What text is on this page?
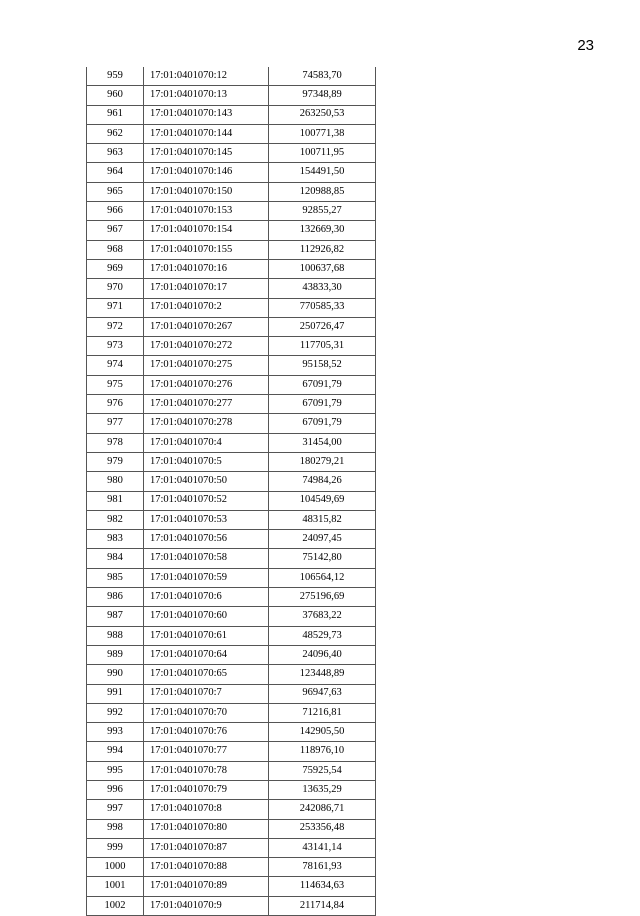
23
959	17:01:0401070:12	74583,70
960	17:01:0401070:13	97348,89
961	17:01:0401070:143	263250,53
962	17:01:0401070:144	100771,38
963	17:01:0401070:145	100711,95
964	17:01:0401070:146	154491,50
965	17:01:0401070:150	120988,85
966	17:01:0401070:153	92855,27
967	17:01:0401070:154	132669,30
968	17:01:0401070:155	112926,82
969	17:01:0401070:16	100637,68
970	17:01:0401070:17	43833,30
971	17:01:0401070:2	770585,33
972	17:01:0401070:267	250726,47
973	17:01:0401070:272	117705,31
974	17:01:0401070:275	95158,52
975	17:01:0401070:276	67091,79
976	17:01:0401070:277	67091,79
977	17:01:0401070:278	67091,79
978	17:01:0401070:4	31454,00
979	17:01:0401070:5	180279,21
980	17:01:0401070:50	74984,26
981	17:01:0401070:52	104549,69
982	17:01:0401070:53	48315,82
983	17:01:0401070:56	24097,45
984	17:01:0401070:58	75142,80
985	17:01:0401070:59	106564,12
986	17:01:0401070:6	275196,69
987	17:01:0401070:60	37683,22
988	17:01:0401070:61	48529,73
989	17:01:0401070:64	24096,40
990	17:01:0401070:65	123448,89
991	17:01:0401070:7	96947,63
992	17:01:0401070:70	71216,81
993	17:01:0401070:76	142905,50
994	17:01:0401070:77	118976,10
995	17:01:0401070:78	75925,54
996	17:01:0401070:79	13635,29
997	17:01:0401070:8	242086,71
998	17:01:0401070:80	253356,48
999	17:01:0401070:87	43141,14
1000	17:01:0401070:88	78161,93
1001	17:01:0401070:89	114634,63
1002	17:01:0401070:9	211714,84
